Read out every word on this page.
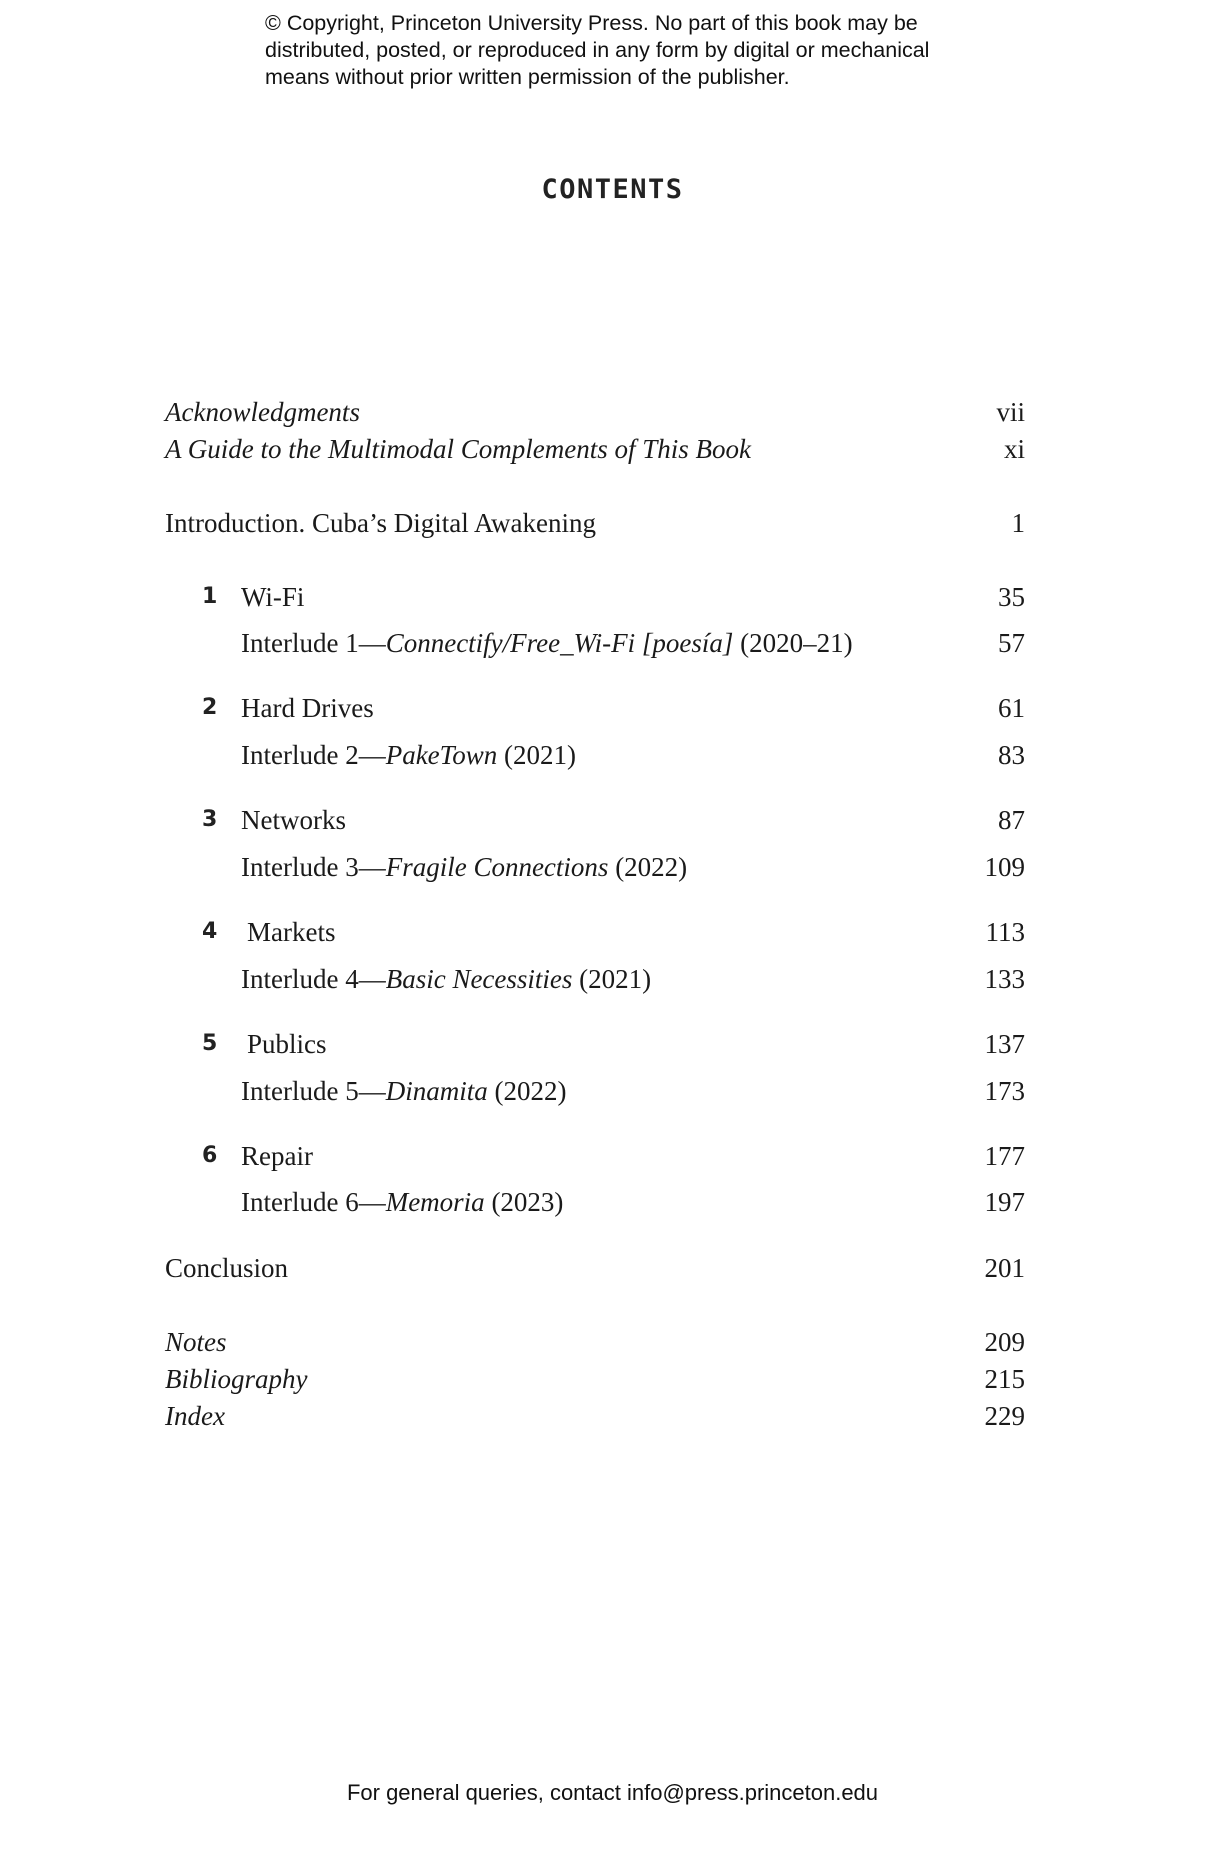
© Copyright, Princeton University Press. No part of this book may be
distributed, posted, or reproduced in any form by digital or mechanical
means without prior written permission of the publisher.
CONTENTS
Acknowledgments	vii
A Guide to the Multimodal Complements of This Book	xi
Introduction. Cuba’s Digital Awakening	1
1 Wi-Fi	35
Interlude 1—Connectify/Free_Wi-Fi [poesía] (2020–21)	57
2 Hard Drives	61
Interlude 2—PakeTown (2021)	83
3 Networks	87
Interlude 3—Fragile Connections (2022)	109
4 Markets	113
Interlude 4—Basic Necessities (2021)	133
5 Publics	137
Interlude 5—Dinamita (2022)	173
6 Repair	177
Interlude 6—Memoria (2023)	197
Conclusion	201
Notes	209
Bibliography	215
Index	229

For general queries, contact info@press.princeton.edu
